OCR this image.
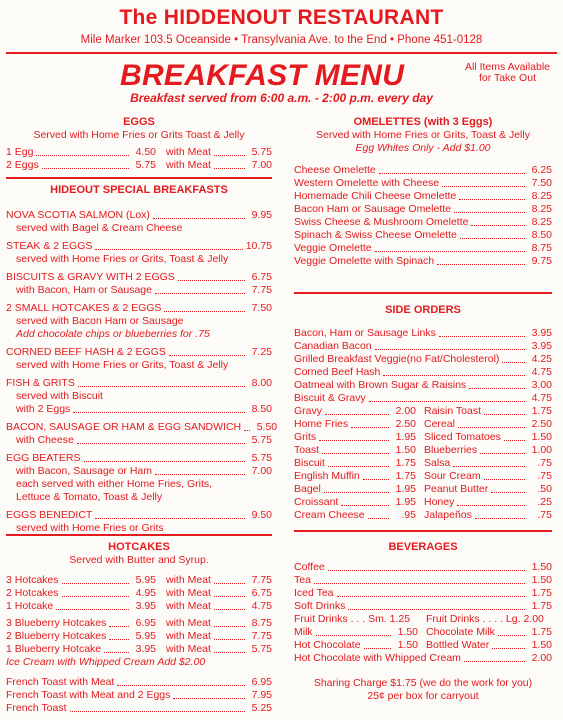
The HIDDENOUT RESTAURANT
Mile Marker 103.5 Oceanside • Transylvania Ave. to the End • Phone 451-0128
BREAKFAST MENU	All Items Available
for Take Out
Breakfast served from 6:00 a.m. - 2:00 p.m. every day
EGGS
Served with Home Fries or Grits Toast & Jelly
1 Egg	4.50 with Meat	5.75
2 Eggs	5.75 with Meat	7.00
HIDEOUT SPECIAL BREAKFASTS
NOVA SCOTIA SALMON (Lox)	9.95
served with Bagel & Cream Cheese
STEAK & 2 EGGS	10.75
served with Home Fries or Grits, Toast & Jelly
BISCUITS & GRAVY WITH 2 EGGS	6.75
with Bacon, Ham or Sausage	7.75
2 SMALL HOTCAKES & 2 EGGS	7.50
served with Bacon Ham or Sausage
Add chocolate chips or blueberries for .75
CORNED BEEF HASH & 2 EGGS	7.25
served with Home Fries or Grits, Toast & Jelly
FISH & GRITS	8.00
served with Biscuit
with 2 Eggs	8.50
BACON, SAUSAGE OR HAM & EGG SANDWICH	5.50
with Cheese	5.75
EGG BEATERS	5.75
with Bacon, Sausage or Ham	7.00
each served with either Home Fries, Grits,
Lettuce & Tomato, Toast & Jelly
EGGS BENEDICT	9.50
served with Home Fries or Grits
HOTCAKES
Served with Butter and Syrup.
3 Hotcakes	5.95 with Meat	7.75
2 Hotcakes	4.95 with Meat	6.75
1 Hotcake	3.95 with Meat	4.75
3 Blueberry Hotcakes	6.95 with Meat	8.75
2 Blueberry Hotcakes	5.95 with Meat	7.75
1 Blueberry Hotcake	3.95 with Meat	5.75
Ice Cream with Whipped Cream Add $2.00
French Toast with Meat	6.95
French Toast with Meat and 2 Eggs	7.95
French Toast	5.25
OMELETTES (with 3 Eggs)
Served with Home Fries or Grits, Toast & Jelly
Egg Whites Only - Add $1.00
Cheese Omelette	6.25
Western Omelette with Cheese	7.50
Homemade Chili Cheese Omelette	8.25
Bacon Ham or Sausage Omelette	8.25
Swiss Cheese & Mushroom Omelette	8.25
Spinach & Swiss Cheese Omelette	8.50
Veggie Omelette	8.75
Veggie Omelette with Spinach	9.75
SIDE ORDERS
Bacon, Ham or Sausage Links	3.95
Canadian Bacon	3.95
Grilled Breakfast Veggie(no Fat/Cholesterol)	4.25
Corned Beef Hash	4.75
Oatmeal with Brown Sugar & Raisins	3.00
Biscuit & Gravy	4.75
Gravy	2.00 Raisin Toast	1.75
Home Fries	2.50 Cereal	2.50
Grits	1.95 Sliced Tomatoes	1.50
Toast	1.50 Blueberries	1.00
Biscuit	1.75 Salsa	.75
English Muffin	1.75 Sour Cream	.75
Bagel	1.95 Peanut Butter	.50
Croissant	1.95 Honey	.25
Cream Cheese	.95 Jalapeños	.75
BEVERAGES
Coffee	1.50
Tea	1.50
Iced Tea	1.75
Soft Drinks	1.75
Fruit Drinks . . . Sm. 1.25 Fruit Drinks . . . . Lg. 2.00
Milk	1.50 Chocolate Milk	1.75
Hot Chocolate	1.50 Bottled Water	1.50
Hot Chocolate with Whipped Cream	2.00
Sharing Charge $1.75 (we do the work for you)
25¢ per box for carryout
